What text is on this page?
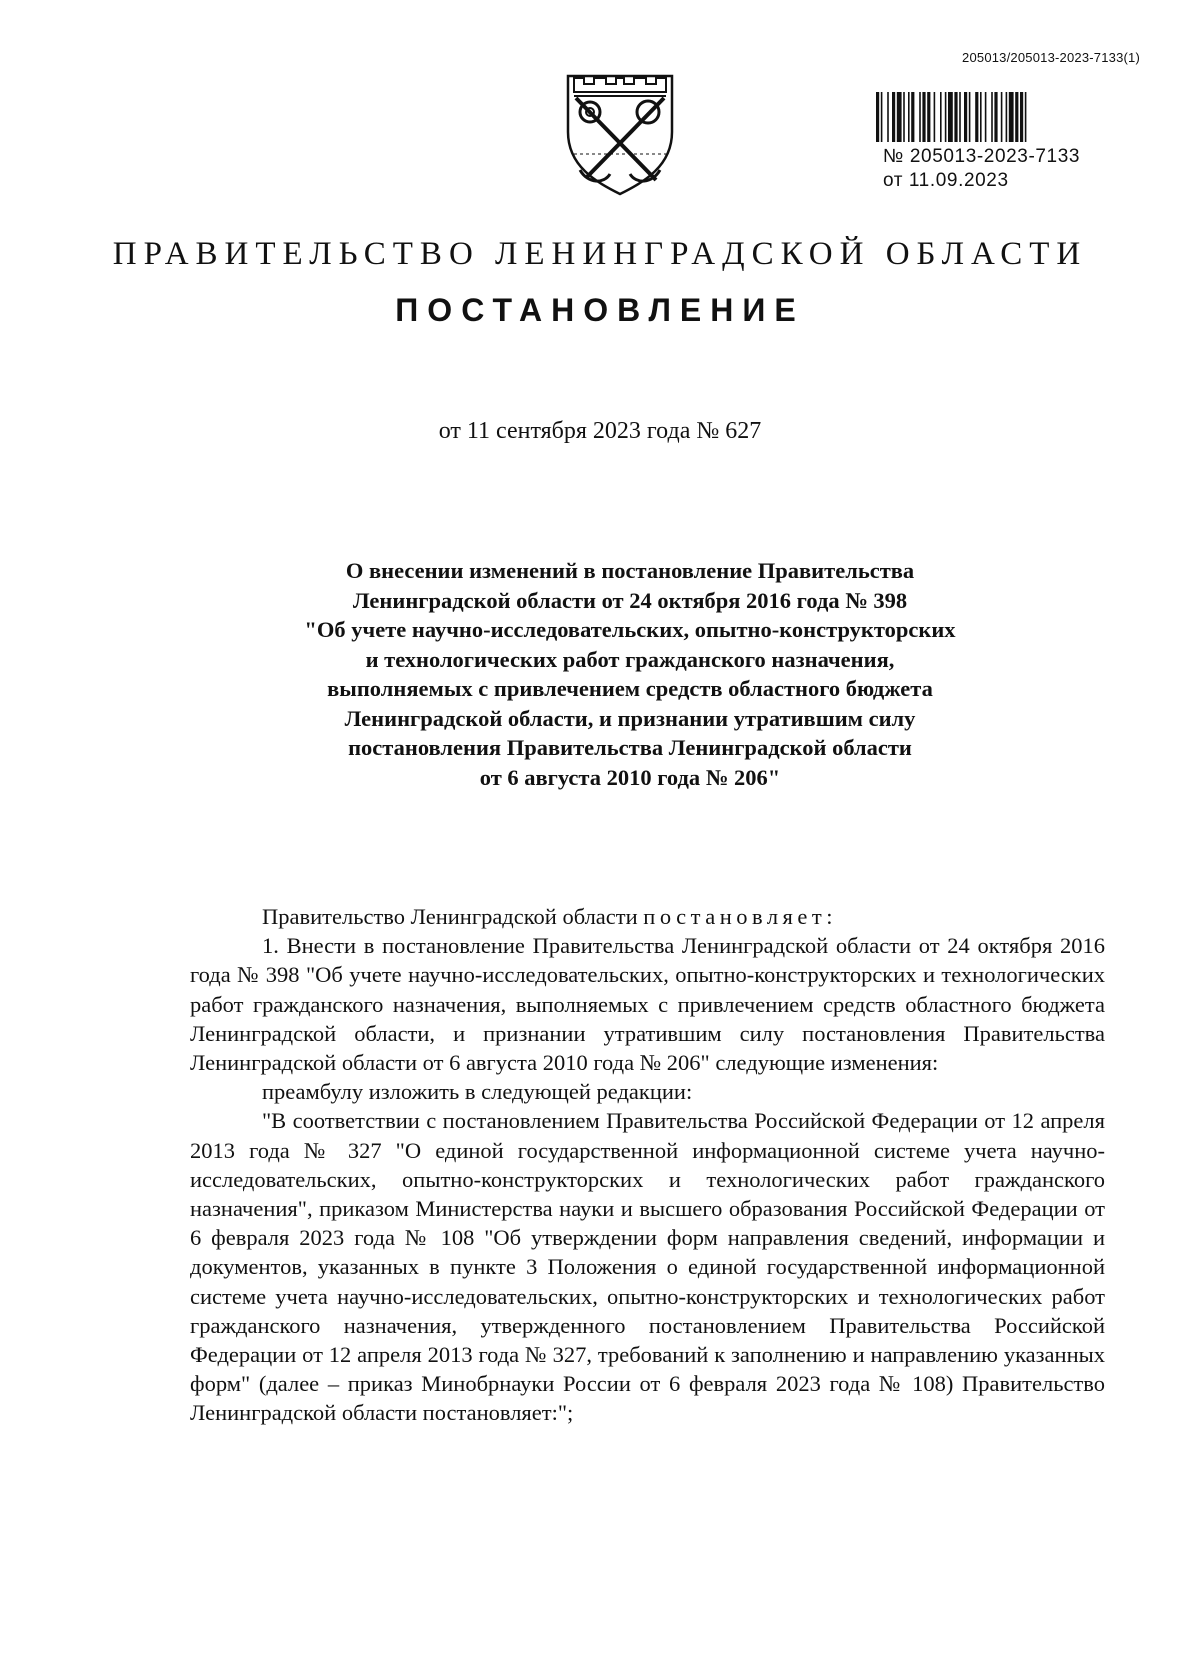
205013/205013-2023-7133(1)
№ 205013-2023-7133
от 11.09.2023
ПРАВИТЕЛЬСТВО ЛЕНИНГРАДСКОЙ ОБЛАСТИ
ПОСТАНОВЛЕНИЕ
от 11 сентября 2023 года № 627
О внесении изменений в постановление Правительства
Ленинградской области от 24 октября 2016 года № 398
"Об учете научно-исследовательских, опытно-конструкторских
и технологических работ гражданского назначения,
выполняемых с привлечением средств областного бюджета
Ленинградской области, и признании утратившим силу
постановления Правительства Ленинградской области
от 6 августа 2010 года № 206"

Правительство Ленинградской области постановляет:

1. Внести в постановление Правительства Ленинградской области от 24 октября 2016 года № 398 "Об учете научно-исследовательских, опытно-конструкторских и технологических работ гражданского назначения, выполняемых с привлечением средств областного бюджета Ленинградской области, и признании утратившим силу постановления Правительства Ленинградской области от 6 августа 2010 года № 206" следующие изменения:

преамбулу изложить в следующей редакции:

"В соответствии с постановлением Правительства Российской Федерации от 12 апреля 2013 года № 327 "О единой государственной информационной системе учета научно-исследовательских, опытно-конструкторских и технологических работ гражданского назначения", приказом Министерства науки и высшего образования Российской Федерации от 6 февраля 2023 года № 108 "Об утверждении форм направления сведений, информации и документов, указанных в пункте 3 Положения о единой государственной информационной системе учета научно-исследовательских, опытно-конструкторских и технологических работ гражданского назначения, утвержденного постановлением Правительства Российской Федерации от 12 апреля 2013 года № 327, требований к заполнению и направлению указанных форм" (далее – приказ Минобрнауки России от 6 февраля 2023 года № 108) Правительство Ленинградской области постановляет:";
